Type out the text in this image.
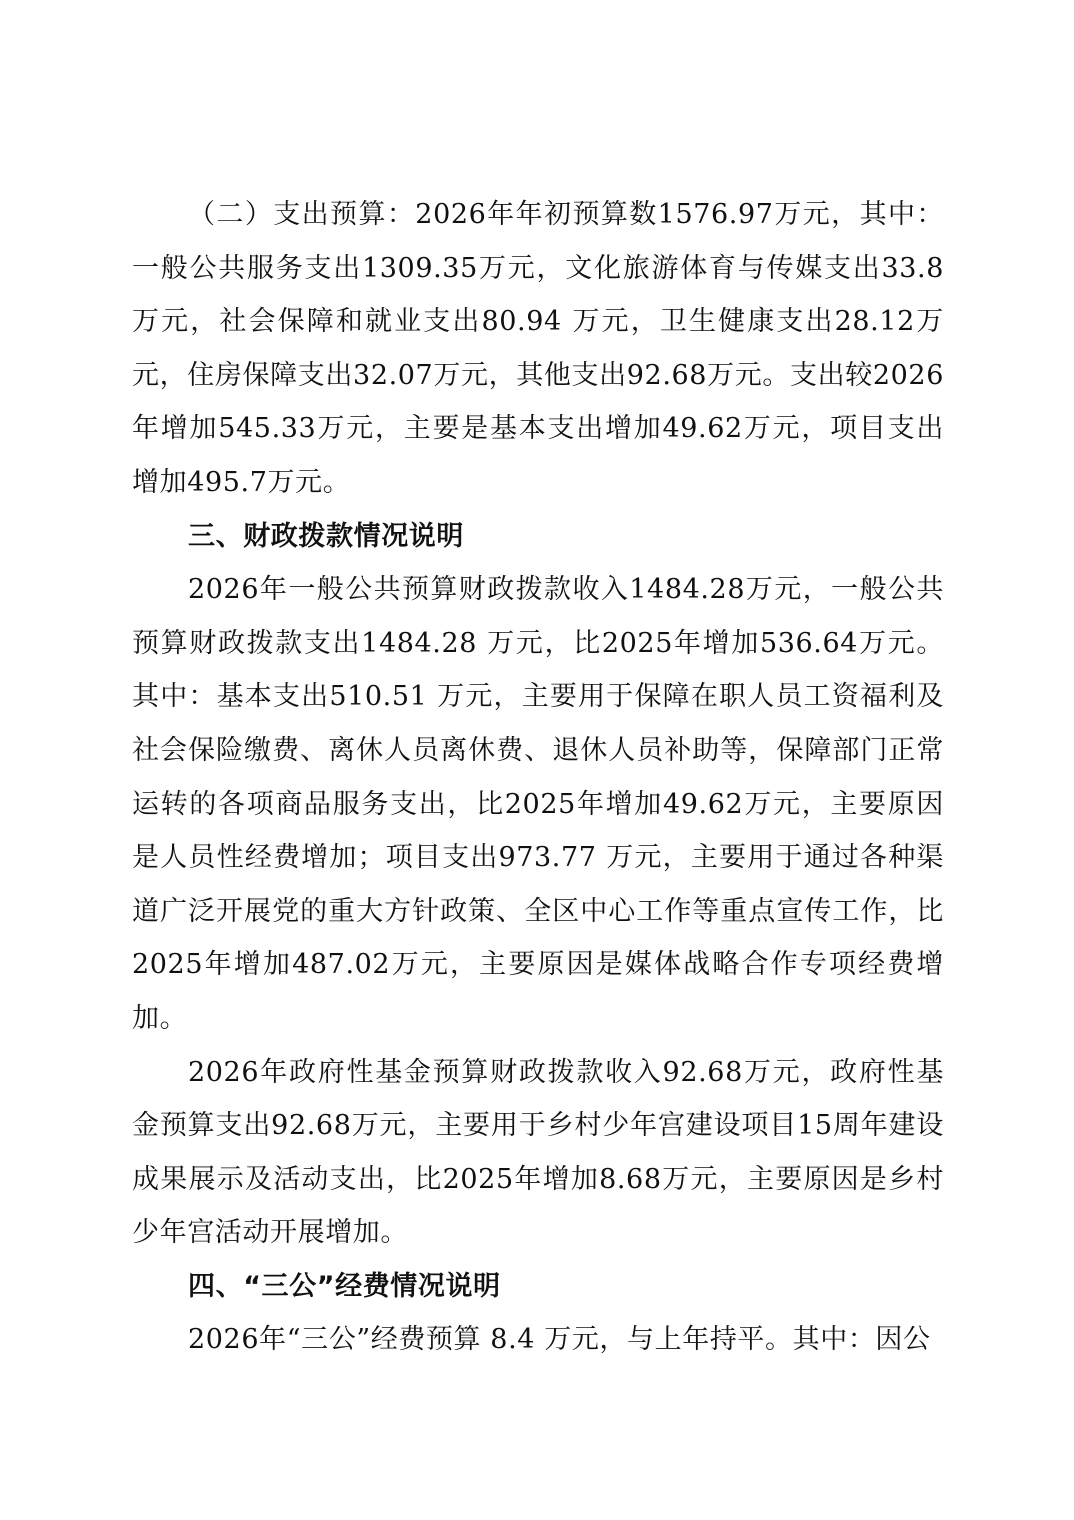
（二）支出预算：2026年年初预算数1576.97万元，其中：一般公共服务支出1309.35万元，文化旅游体育与传媒支出33.8万元，社会保障和就业支出80.94 万元，卫生健康支出28.12万元，住房保障支出32.07万元，其他支出92.68万元。支出较2026年增加545.33万元，主要是基本支出增加49.62万元，项目支出增加495.7万元。

三、财政拨款情况说明

2026年一般公共预算财政拨款收入1484.28万元，一般公共预算财政拨款支出1484.28 万元，比2025年增加536.64万元。其中：基本支出510.51 万元，主要用于保障在职人员工资福利及社会保险缴费、离休人员离休费、退休人员补助等，保障部门正常运转的各项商品服务支出，比2025年增加49.62万元，主要原因是人员性经费增加；项目支出973.77 万元，主要用于通过各种渠道广泛开展党的重大方针政策、全区中心工作等重点宣传工作，比2025年增加487.02万元，主要原因是媒体战略合作专项经费增加。

2026年政府性基金预算财政拨款收入92.68万元，政府性基金预算支出92.68万元，主要用于乡村少年宫建设项目15周年建设成果展示及活动支出，比2025年增加8.68万元，主要原因是乡村少年宫活动开展增加。

四、“三公”经费情况说明

2026年“三公”经费预算 8.4 万元，与上年持平。其中：因公
